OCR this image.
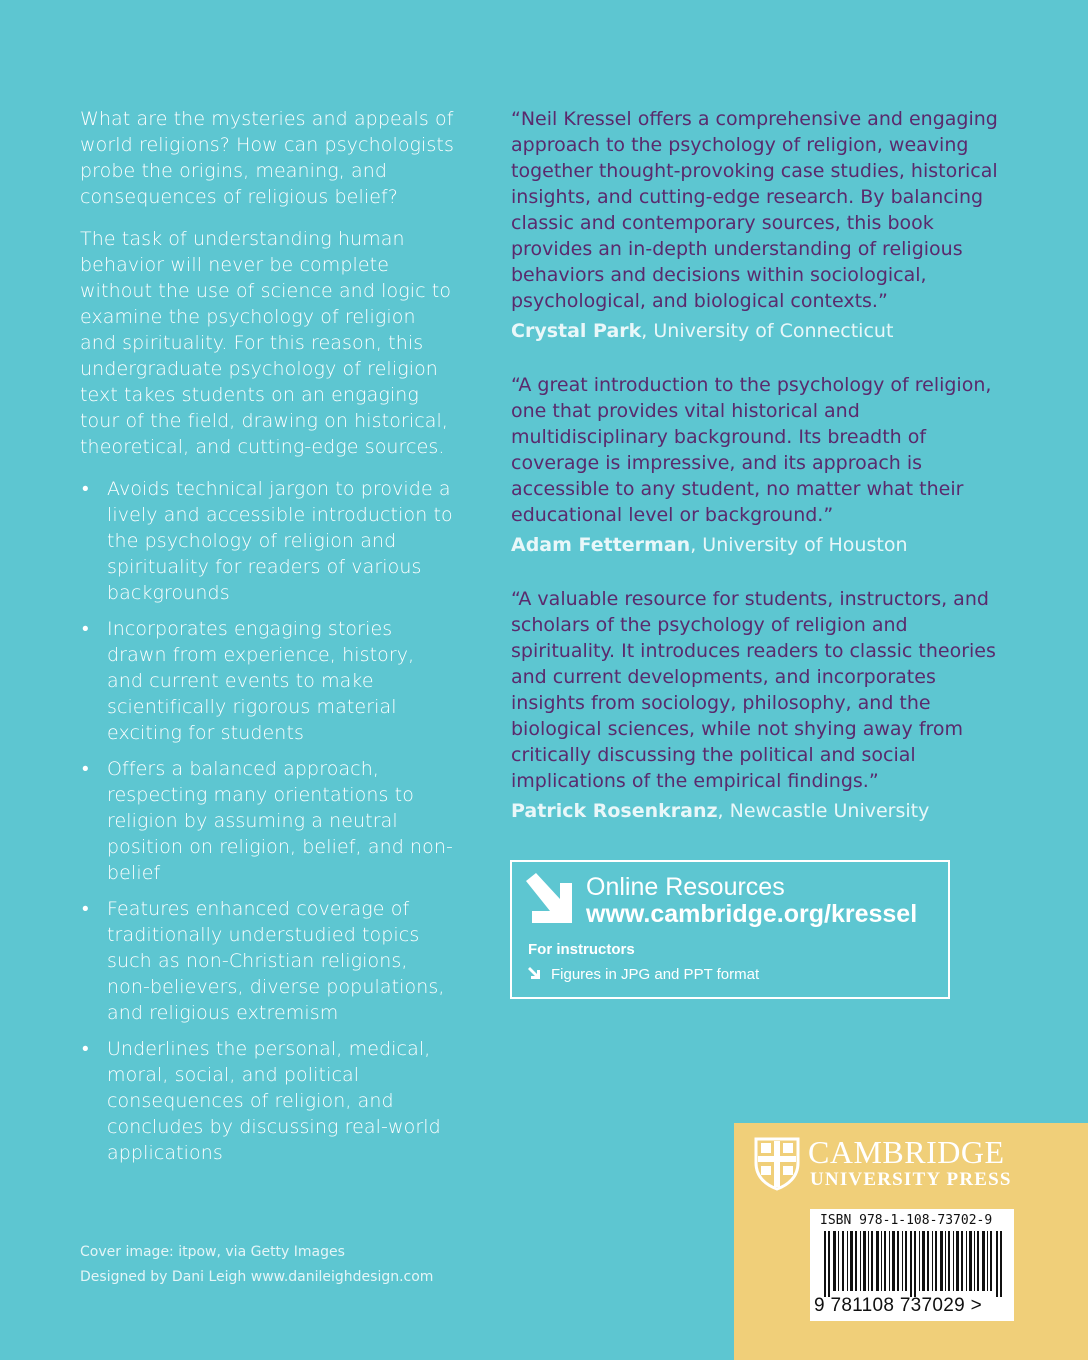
What are the mysteries and appeals of world religions? How can psychologists probe the origins, meaning, and consequences of religious belief?

The task of understanding human behavior will never be complete without the use of science and logic to examine the psychology of religion and spirituality. For this reason, this undergraduate psychology of religion text takes students on an engaging tour of the field, drawing on historical, theoretical, and cutting-edge sources.

• Avoids technical jargon to provide a lively and accessible introduction to the psychology of religion and spirituality for readers of various backgrounds
• Incorporates engaging stories drawn from experience, history, and current events to make scientifically rigorous material exciting for students
• Offers a balanced approach, respecting many orientations to religion by assuming a neutral position on religion, belief, and non-belief
• Features enhanced coverage of traditionally understudied topics such as non-Christian religions, non-believers, diverse populations, and religious extremism
• Underlines the personal, medical, moral, social, and political consequences of religion, and concludes by discussing real-world applications

“Neil Kressel offers a comprehensive and engaging approach to the psychology of religion, weaving together thought-provoking case studies, historical insights, and cutting-edge research. By balancing classic and contemporary sources, this book provides an in-depth understanding of religious behaviors and decisions within sociological, psychological, and biological contexts.”

Crystal Park, University of Connecticut

“A great introduction to the psychology of religion, one that provides vital historical and multidisciplinary background. Its breadth of coverage is impressive, and its approach is accessible to any student, no matter what their educational level or background.”

Adam Fetterman, University of Houston

“A valuable resource for students, instructors, and scholars of the psychology of religion and spirituality. It introduces readers to classic theories and current developments, and incorporates insights from sociology, philosophy, and the biological sciences, while not shying away from critically discussing the political and social implications of the empirical findings.”

Patrick Rosenkranz, Newcastle University
Online Resources
www.cambridge.org/kressel
For instructors
Figures in JPG and PPT format
Cover image: itpow, via Getty Images
Designed by Dani Leigh www.danileighdesign.com
CAMBRIDGE
UNIVERSITY PRESS
ISBN 978-1-108-73702-9
9 781108 737029 >
